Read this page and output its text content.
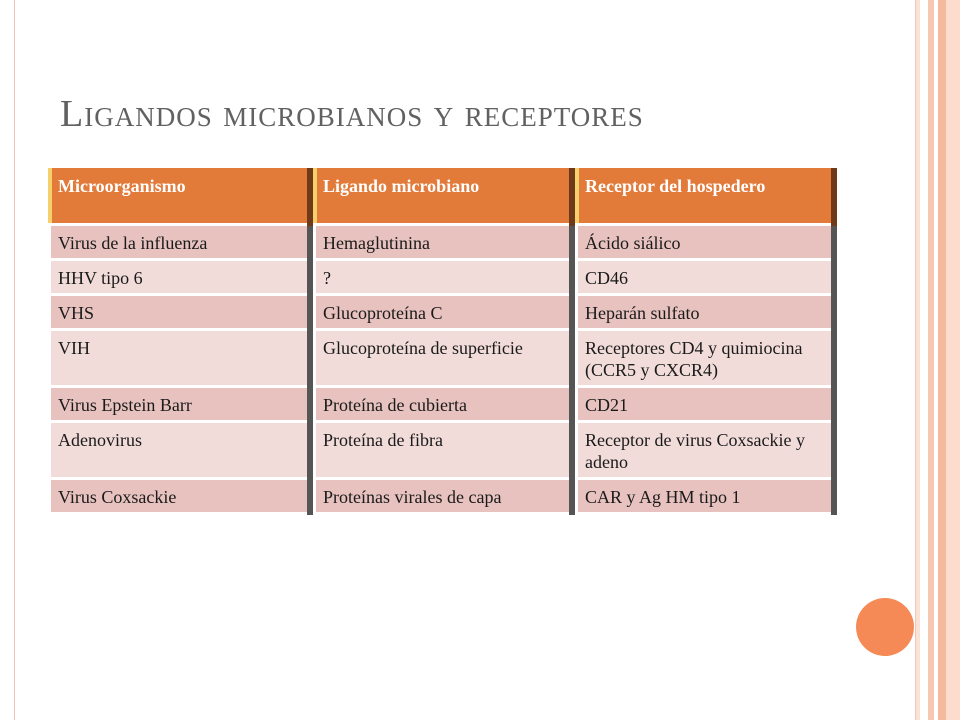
Ligandos microbianos y receptores
Microorganismo	Ligando microbiano	Receptor del hospedero
Virus de la influenza	Hemaglutinina	Ácido siálico
HHV tipo 6	?	CD46
VHS	Glucoproteína C	Heparán sulfato
VIH	Glucoproteína de superficie	Receptores CD4 y quimiocina (CCR5 y CXCR4)
Virus Epstein Barr	Proteína de cubierta	CD21
Adenovirus	Proteína de fibra	Receptor de virus Coxsackie y adeno
Virus Coxsackie	Proteínas virales de capa	CAR y Ag HM tipo 1
